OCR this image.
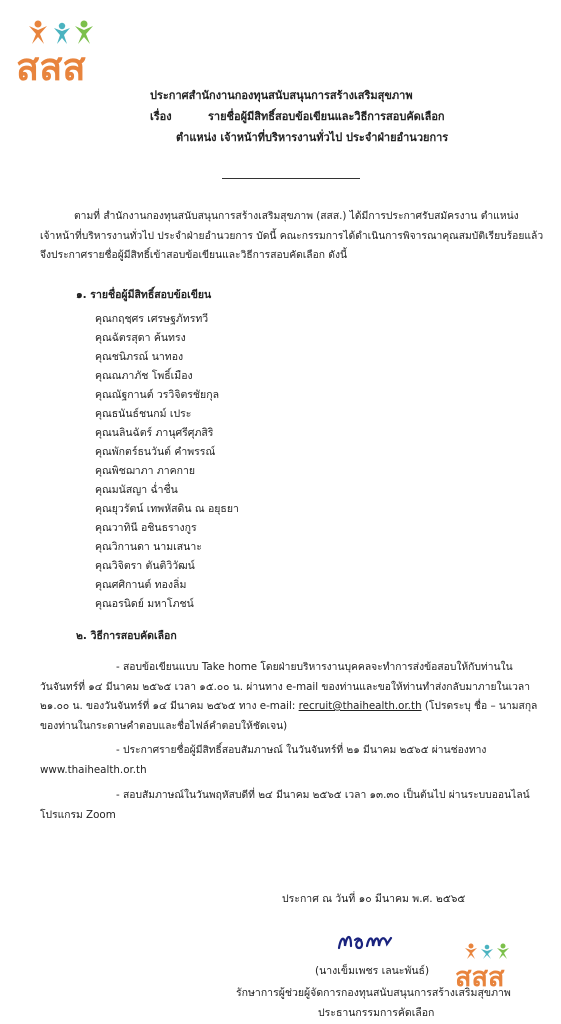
สสส
ประกาศสำนักงานกองทุนสนับสนุนการสร้างเสริมสุขภาพ
เรื่อง	รายชื่อผู้มีสิทธิ์สอบข้อเขียนและวิธีการสอบคัดเลือก
ตำแหน่ง เจ้าหน้าที่บริหารงานทั่วไป ประจำฝ่ายอำนวยการ
ตามที่ สำนักงานกองทุนสนับสนุนการสร้างเสริมสุขภาพ (สสส.) ได้มีการประกาศรับสมัครงาน ตำแหน่ง
เจ้าหน้าที่บริหารงานทั่วไป ประจำฝ่ายอำนวยการ บัดนี้ คณะกรรมการได้ดำเนินการพิจารณาคุณสมบัติเรียบร้อยแล้ว
จึงประกาศรายชื่อผู้มีสิทธิ์เข้าสอบข้อเขียนและวิธีการสอบคัดเลือก ดังนี้
๑. รายชื่อผู้มีสิทธิ์สอบข้อเขียน
คุณกฤชฺศร เศรษฐภัทรทวี
คุณฉัตรสุดา ค้นทรง
คุณชนิภรณ์ นาทอง
คุณณภาภัช โพธิ์เมือง
คุณณัฐกานต์ วรวิจิตรชัยกุล
คุณธนันธ์ชนกม์ เประ
คุณนลินฉัตร์ ภานุศรีศุภสิริ
คุณพักตร์ธนวันต์ คำพรรณ์
คุณพิชฌาภา ภาคกาย
คุณมนัสญา ฉ่ำชื่น
คุณยุวรัตน์ เทพหัสดิน ณ อยุธยา
คุณวาทินี อชินธรางกูร
คุณวิกานดา นามเสนาะ
คุณวิจิตรา ตันติวิวัฒน์
คุณศศิกานต์ ทองลิ่ม
คุณอรนิดย์ มหาโภชน์
๒. วิธีการสอบคัดเลือก
- สอบข้อเขียนแบบ Take home โดยฝ่ายบริหารงานบุคคลจะทำการส่งข้อสอบให้กับท่านใน
วันจันทร์ที่ ๑๔ มีนาคม ๒๕๖๕ เวลา ๑๕.๐๐ น. ผ่านทาง e-mail ของท่านและขอให้ท่านทำส่งกลับมาภายในเวลา
๒๑.๐๐ น. ของวันจันทร์ที่ ๑๔ มีนาคม ๒๕๖๕ ทาง e-mail: recruit@thaihealth.or.th (โปรดระบุ ชื่อ – นามสกุล
ของท่านในกระดาษคำตอบและชื่อไฟล์คำตอบให้ชัดเจน)
- ประกาศรายชื่อผู้มีสิทธิ์สอบสัมภาษณ์ ในวันจันทร์ที่ ๒๑ มีนาคม ๒๕๖๕ ผ่านช่องทาง
www.thaihealth.or.th
- สอบสัมภาษณ์ในวันพฤหัสบดีที่ ๒๔ มีนาคม ๒๕๖๕ เวลา ๑๓.๓๐ เป็นต้นไป ผ่านระบบออนไลน์
โปรแกรม Zoom
ประกาศ ณ วันที่ ๑๐ มีนาคม พ.ศ. ๒๕๖๕
สสส
(นางเข็มเพชร เลนะพันธ์)
รักษาการผู้ช่วยผู้จัดการกองทุนสนับสนุนการสร้างเสริมสุขภาพ
ประธานกรรมการคัดเลือก
